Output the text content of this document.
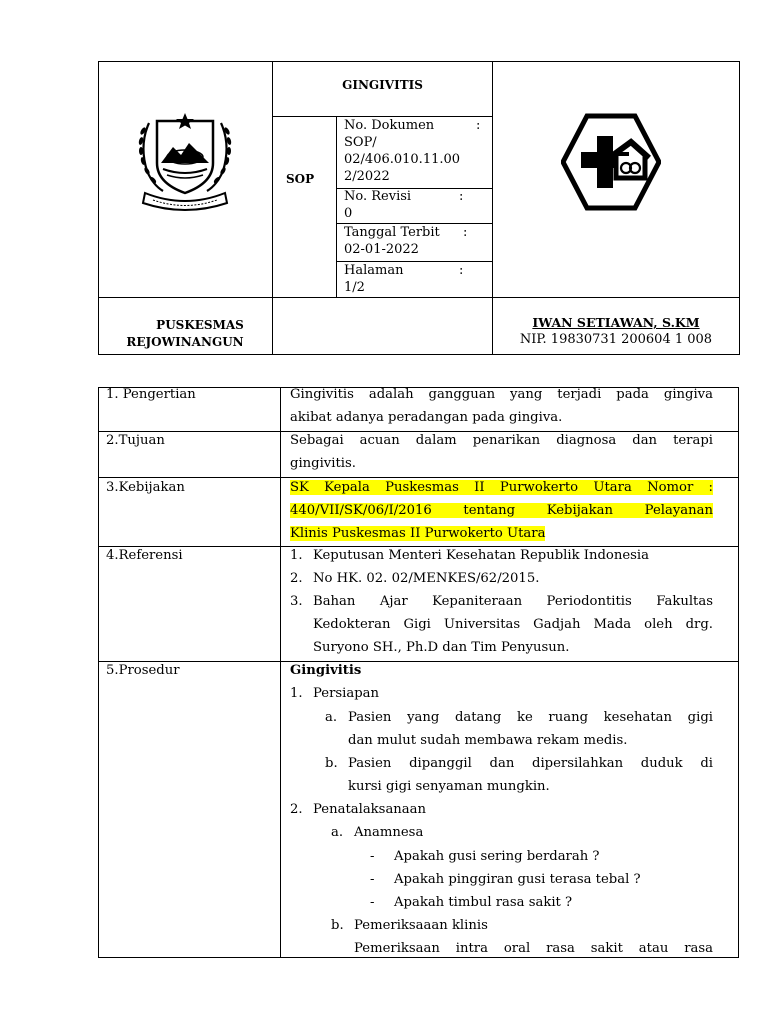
GINGIVITIS
SOP
No. Dokumen	:
SOP/
02/406.010.11.00
2/2022
No. Revisi	:
0
Tanggal Terbit :
02-01-2022
Halaman	:
1/2
PUSKESMAS
REJOWINANGUN
IWAN SETIAWAN, S.KM
NIP. 19830731 200604 1 008
1. Pengertian	Gingivitis adalah gangguan yang terjadi pada gingiva
akibat adanya peradangan pada gingiva.
2.Tujuan	Sebagai acuan dalam penarikan diagnosa dan terapi
gingivitis.
3.Kebijakan	SK Kepala Puskesmas II Purwokerto Utara Nomor :
440/VII/SK/06/I/2016 tentang Kebijakan Pelayanan
Klinis Puskesmas II Purwokerto Utara
4.Referensi	1. Keputusan Menteri Kesehatan Republik Indonesia
2. No HK. 02. 02/MENKES/62/2015.
3. Bahan Ajar Kepaniteraan Periodontitis Fakultas
Kedokteran Gigi Universitas Gadjah Mada oleh drg.
Suryono SH., Ph.D dan Tim Penyusun.
5.Prosedur	Gingivitis
1. Persiapan
a. Pasien yang datang ke ruang kesehatan gigi
dan mulut sudah membawa rekam medis.
b. Pasien dipanggil dan dipersilahkan duduk di
kursi gigi senyaman mungkin.
2. Penatalaksanaan
a. Anamnesa
- Apakah gusi sering berdarah ?
- Apakah pinggiran gusi terasa tebal ?
- Apakah timbul rasa sakit ?
b. Pemeriksaaan klinis
Pemeriksaan intra oral rasa sakit atau rasa
